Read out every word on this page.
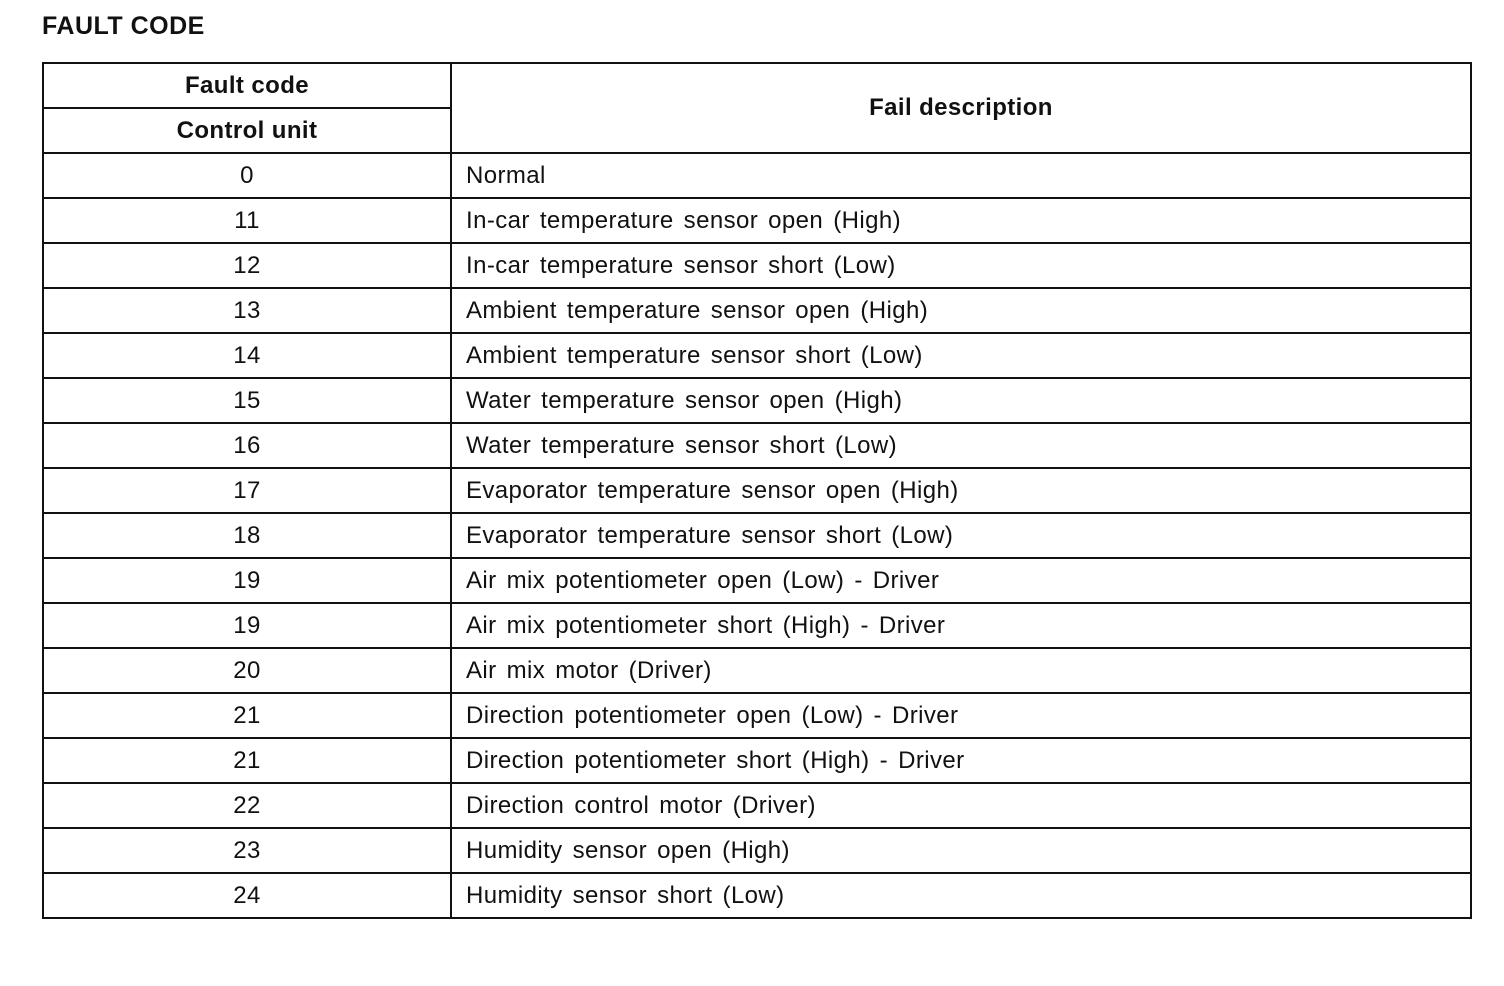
FAULT CODE
Fault code	Fail description
Control unit	
0	Normal
11	In-car temperature sensor open (High)
12	In-car temperature sensor short (Low)
13	Ambient temperature sensor open (High)
14	Ambient temperature sensor short (Low)
15	Water temperature sensor open (High)
16	Water temperature sensor short (Low)
17	Evaporator temperature sensor open (High)
18	Evaporator temperature sensor short (Low)
19	Air mix potentiometer open (Low) - Driver
19	Air mix potentiometer short (High) - Driver
20	Air mix motor (Driver)
21	Direction potentiometer open (Low) - Driver
21	Direction potentiometer short (High) - Driver
22	Direction control motor (Driver)
23	Humidity sensor open (High)
24	Humidity sensor short (Low)
